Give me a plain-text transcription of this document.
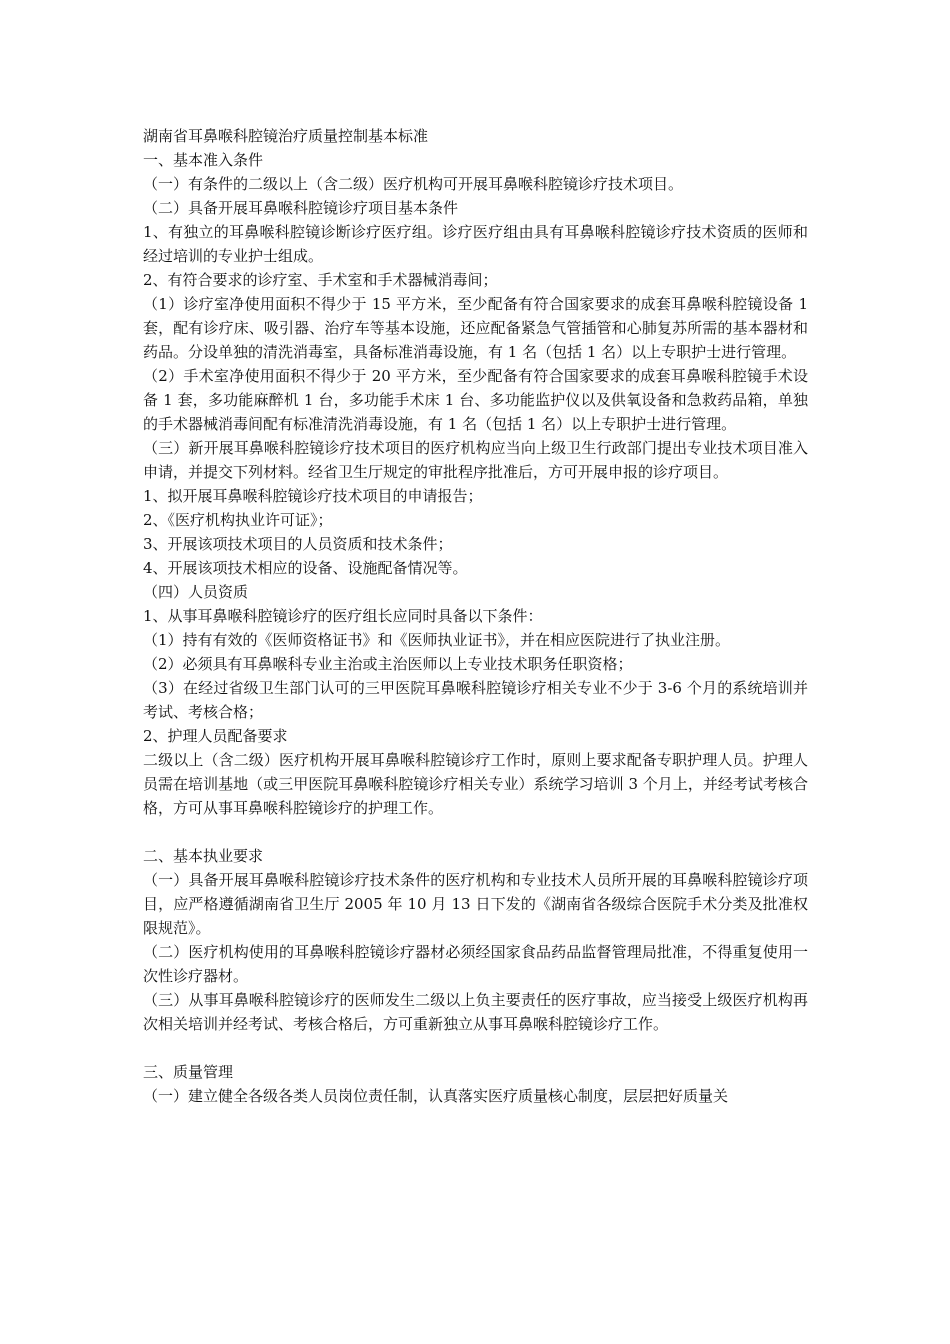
湖南省耳鼻喉科腔镜治疗质量控制基本标准

一、基本准入条件

（一）有条件的二级以上（含二级）医疗机构可开展耳鼻喉科腔镜诊疗技术项目。

（二）具备开展耳鼻喉科腔镜诊疗项目基本条件

1、有独立的耳鼻喉科腔镜诊断诊疗医疗组。诊疗医疗组由具有耳鼻喉科腔镜诊疗技术资质的医师和经过培训的专业护士组成。

2、有符合要求的诊疗室、手术室和手术器械消毒间；

（1）诊疗室净使用面积不得少于 15 平方米，至少配备有符合国家要求的成套耳鼻喉科腔镜设备 1 套，配有诊疗床、吸引器、治疗车等基本设施，还应配备紧急气管插管和心肺复苏所需的基本器材和药品。分设单独的清洗消毒室，具备标准消毒设施，有 1 名（包括 1 名）以上专职护士进行管理。

（2）手术室净使用面积不得少于 20 平方米，至少配备有符合国家要求的成套耳鼻喉科腔镜手术设备 1 套，多功能麻醉机 1 台，多功能手术床 1 台、多功能监护仪以及供氧设备和急救药品箱，单独的手术器械消毒间配有标准清洗消毒设施，有 1 名（包括 1 名）以上专职护士进行管理。

（三）新开展耳鼻喉科腔镜诊疗技术项目的医疗机构应当向上级卫生行政部门提出专业技术项目准入申请，并提交下列材料。经省卫生厅规定的审批程序批准后，方可开展申报的诊疗项目。

1、拟开展耳鼻喉科腔镜诊疗技术项目的申请报告；

2、《医疗机构执业许可证》；

3、开展该项技术项目的人员资质和技术条件；

4、开展该项技术相应的设备、设施配备情况等。

（四）人员资质

1、从事耳鼻喉科腔镜诊疗的医疗组长应同时具备以下条件：

（1）持有有效的《医师资格证书》和《医师执业证书》，并在相应医院进行了执业注册。

（2）必须具有耳鼻喉科专业主治或主治医师以上专业技术职务任职资格；

（3）在经过省级卫生部门认可的三甲医院耳鼻喉科腔镜诊疗相关专业不少于 3-6 个月的系统培训并考试、考核合格；

2、护理人员配备要求

二级以上（含二级）医疗机构开展耳鼻喉科腔镜诊疗工作时，原则上要求配备专职护理人员。护理人员需在培训基地（或三甲医院耳鼻喉科腔镜诊疗相关专业）系统学习培训 3 个月上，并经考试考核合格，方可从事耳鼻喉科腔镜诊疗的护理工作。

二、基本执业要求

（一）具备开展耳鼻喉科腔镜诊疗技术条件的医疗机构和专业技术人员所开展的耳鼻喉科腔镜诊疗项目，应严格遵循湖南省卫生厅 2005 年 10 月 13 日下发的《湖南省各级综合医院手术分类及批准权限规范》。

（二）医疗机构使用的耳鼻喉科腔镜诊疗器材必须经国家食品药品监督管理局批准，不得重复使用一次性诊疗器材。

（三）从事耳鼻喉科腔镜诊疗的医师发生二级以上负主要责任的医疗事故，应当接受上级医疗机构再次相关培训并经考试、考核合格后，方可重新独立从事耳鼻喉科腔镜诊疗工作。

三、质量管理

（一）建立健全各级各类人员岗位责任制，认真落实医疗质量核心制度，层层把好质量关
